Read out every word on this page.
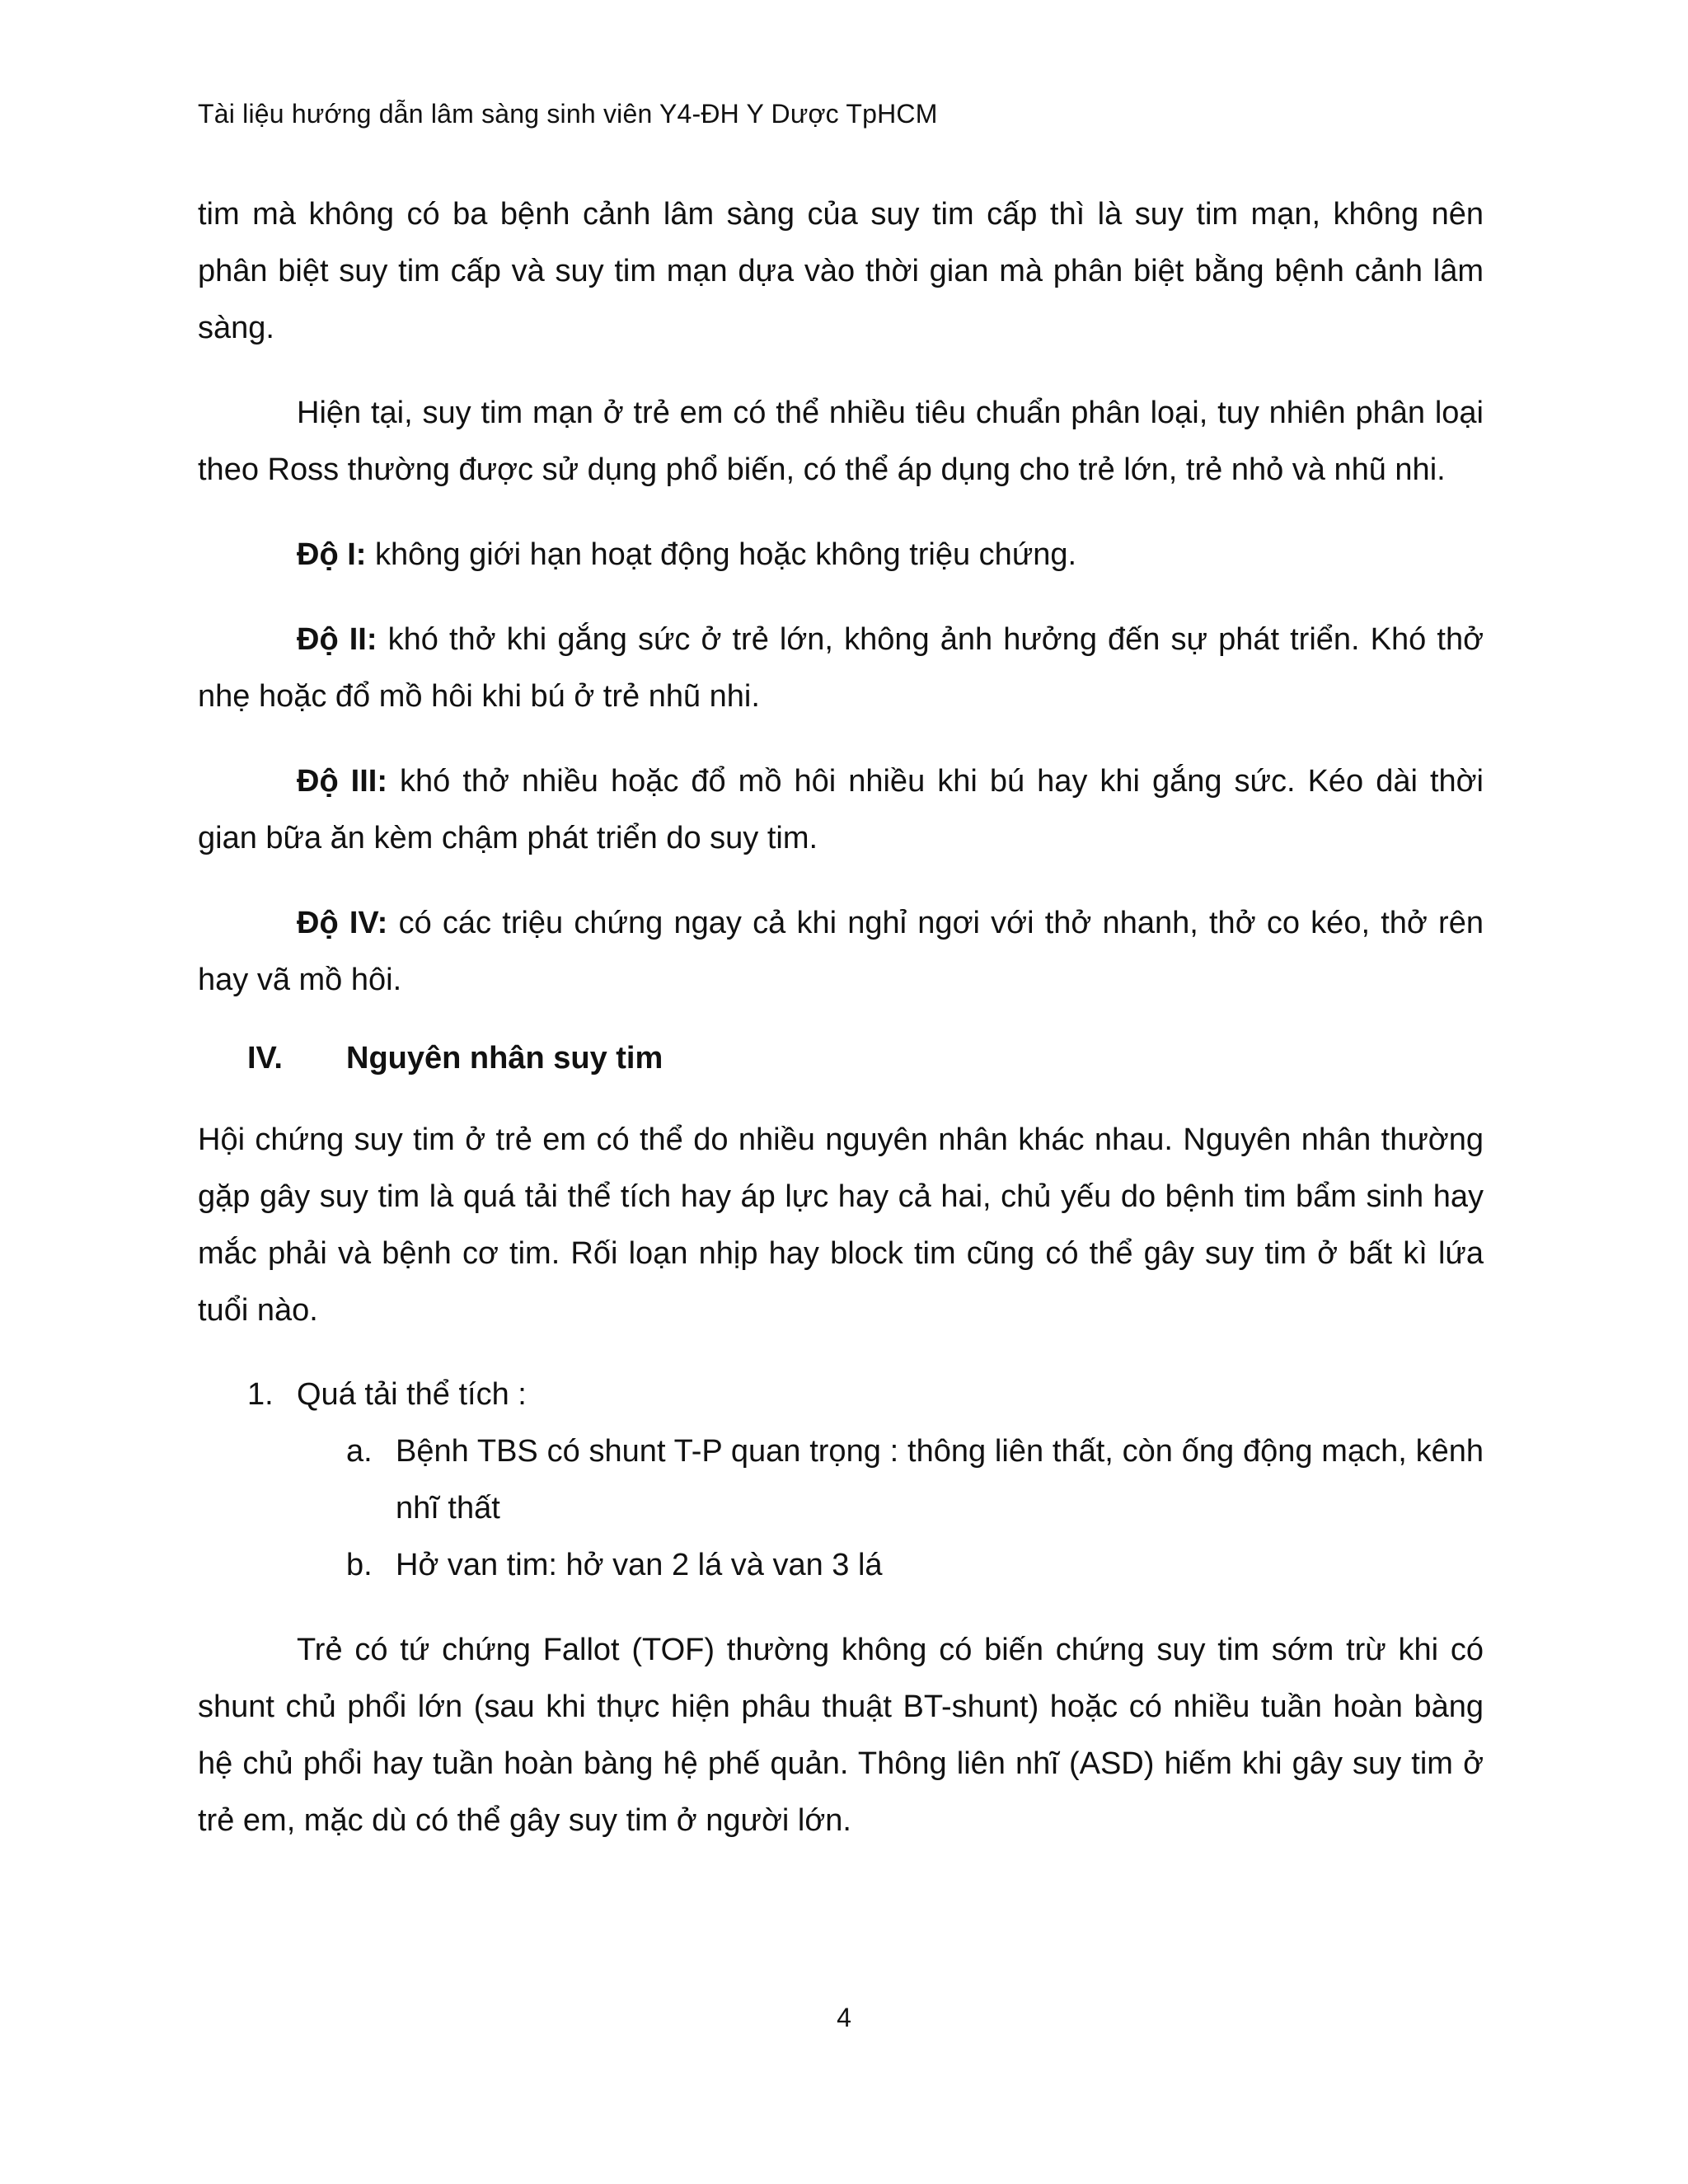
Tài liệu hướng dẫn lâm sàng sinh viên Y4-ĐH Y Dược TpHCM

tim mà không có ba bệnh cảnh lâm sàng của suy tim cấp thì là suy tim mạn, không nên phân biệt suy tim cấp và suy tim mạn dựa vào thời gian mà phân biệt bằng bệnh cảnh lâm sàng.

Hiện tại, suy tim mạn ở trẻ em có thể nhiều tiêu chuẩn phân loại, tuy nhiên phân loại theo Ross thường được sử dụng phổ biến, có thể áp dụng cho trẻ lớn, trẻ nhỏ và nhũ nhi.

Độ I: không giới hạn hoạt động hoặc không triệu chứng.

Độ II: khó thở khi gắng sức ở trẻ lớn, không ảnh hưởng đến sự phát triển. Khó thở nhẹ hoặc đổ mồ hôi khi bú ở trẻ nhũ nhi.

Độ III: khó thở nhiều hoặc đổ mồ hôi nhiều khi bú hay khi gắng sức. Kéo dài thời gian bữa ăn kèm chậm phát triển do suy tim.

Độ IV: có các triệu chứng ngay cả khi nghỉ ngơi với thở nhanh, thở co kéo, thở rên hay vã mồ hôi.

IV. Nguyên nhân suy tim

Hội chứng suy tim ở trẻ em có thể do nhiều nguyên nhân khác nhau. Nguyên nhân thường gặp gây suy tim là quá tải thể tích hay áp lực hay cả hai, chủ yếu do bệnh tim bẩm sinh hay mắc phải và bệnh cơ tim. Rối loạn nhịp hay block tim cũng có thể gây suy tim ở bất kì lứa tuổi nào.

1. Quá tải thể tích :
a. Bệnh TBS có shunt T-P quan trọng : thông liên thất, còn ống động mạch, kênh nhĩ thất
b. Hở van tim: hở van 2 lá và van 3 lá

Trẻ có tứ chứng Fallot (TOF) thường không có biến chứng suy tim sớm trừ khi có shunt chủ phổi lớn (sau khi thực hiện phâu thuật BT-shunt) hoặc có nhiều tuần hoàn bàng hệ chủ phổi hay tuần hoàn bàng hệ phế quản. Thông liên nhĩ (ASD) hiếm khi gây suy tim ở trẻ em, mặc dù có thể gây suy tim ở người lớn.

4
